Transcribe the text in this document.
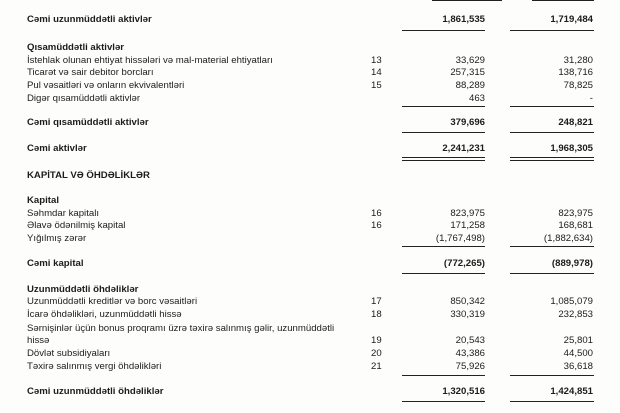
Cəmi uzunmüddətli aktivlər	1,861,535	1,719,484
Qısamüddətli aktivlər
İstehlak olunan ehtiyat hissələri və mal-material ehtiyatları	13	33,629	31,280
Ticarət və sair debitor borcları	14	257,315	138,716
Pul vəsaitləri və onların ekvivalentləri	15	88,289	78,825
Digər qısamüddətli aktivlər	463	-
Cəmi qısamüddətli aktivlər	379,696	248,821
Cəmi aktivlər	2,241,231	1,968,305
KAPİTAL VƏ ÖHDƏLİKLƏR
Kapital
Səhmdar kapitalı	16	823,975	823,975
Əlavə ödənilmiş kapital	16	171,258	168,681
Yığılmış zərər	(1,767,498)	(1,882,634)
Cəmi kapital	(772,265)	(889,978)
Uzunmüddətli öhdəliklər
Uzunmüddətli kreditlər və borc vəsaitləri	17	850,342	1,085,079
İcarə öhdəlikləri, uzunmüddətli hissə	18	330,319	232,853
Sərnişinlər üçün bonus proqramı üzrə təxirə salınmış gəlir, uzunmüddətli
hissə	19	20,543	25,801
Dövlət subsidiyaları	20	43,386	44,500
Təxirə salınmış vergi öhdəlikləri	21	75,926	36,618
Cəmi uzunmüddətli öhdəliklər	1,320,516	1,424,851
